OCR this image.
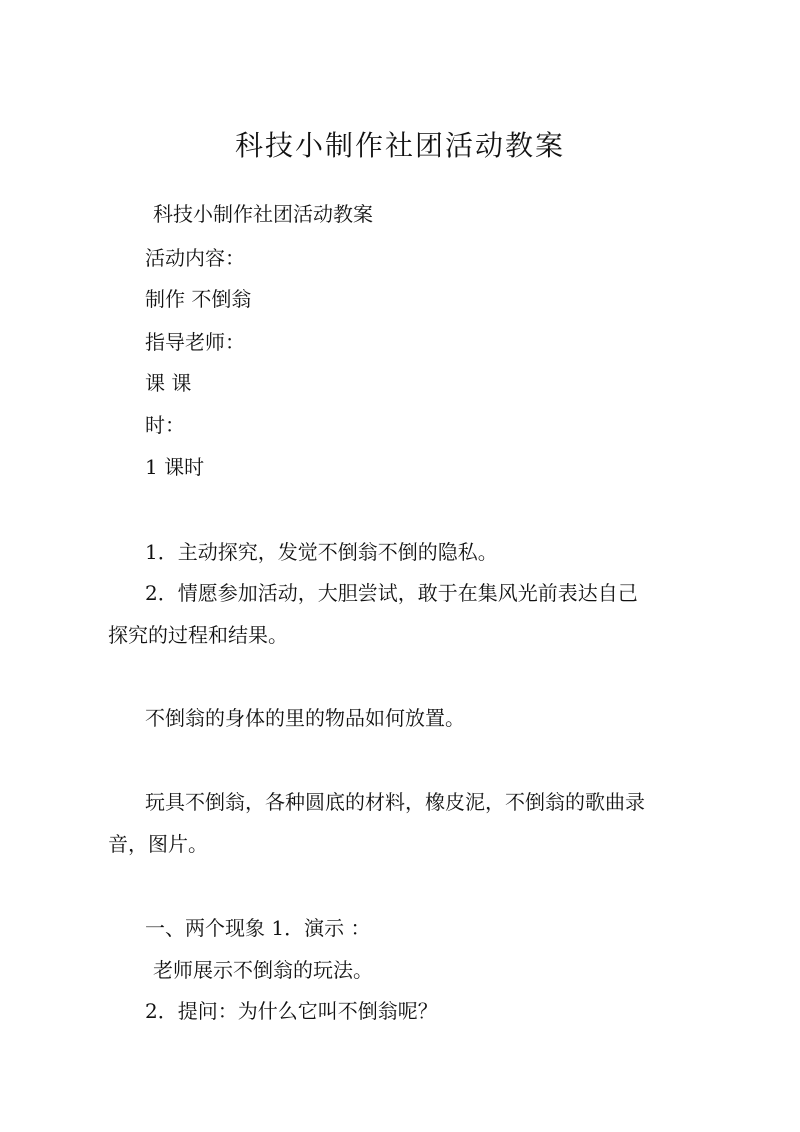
科技小制作社团活动教案

科技小制作社团活动教案

活动内容：

制作 不倒翁

指导老师：

课 课

时：

1 课时

1．主动探究，发觉不倒翁不倒的隐私。

2．情愿参加活动，大胆尝试，敢于在集风光前表达自己

探究的过程和结果。

不倒翁的身体的里的物品如何放置。

玩具不倒翁，各种圆底的材料，橡皮泥，不倒翁的歌曲录

音，图片。

一、两个现象 1．演示 ：

老师展示不倒翁的玩法。

2．提问：为什么它叫不倒翁呢？
